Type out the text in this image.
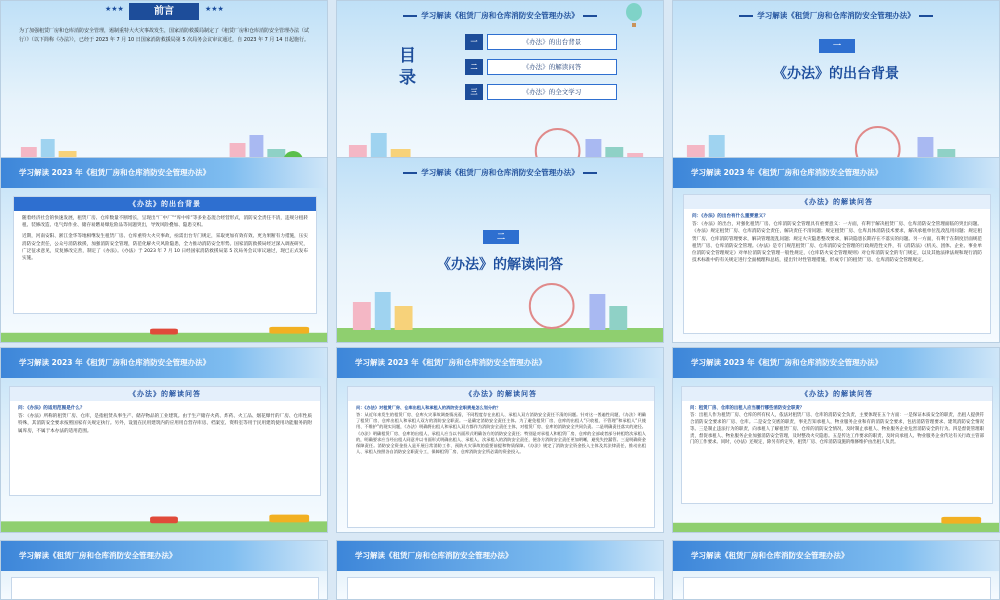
★★★	前言	★★★
为了加强租赁厂房和仓库消防安全管理，遏制重特大火灾事故发生，国家消防救援局制定了《租赁厂房和仓库消防安全管理办法（试行）》（以下简称《办法》），已经于 2023 年 7 月 10 日国家消防救援局第 5 次局务会议审议通过，自 2023 年 7 月 14 日起施行。
学习解读《租赁厂房和仓库消防安全管理办法》
目录
一	《办法》的出台背景
二	《办法》的解读问答
三	《办法》的全文学习
学习解读《租赁厂房和仓库消防安全管理办法》
一
《办法》的出台背景
学习解读 2023 年《租赁厂房和仓库消防安全管理办法》
《办法》的出台背景
随着经济社会的快速发展，租赁厂房、仓库数量不断增长，呈现出“厂中厂”“库中库”等多业态混合经营形式，消防安全责任不清，违规分租转租、装修改造、电气焊作业、储存易燃易爆危险品等问题突出，导致风险叠加、隐患交织。
近期，河南安阳、浙江金华等地相继发生租赁厂房、仓库重特大火灾事故，亟需出台专门规定，采取更加有效有效、更为果断有力措施，压实消防安全责任，公众号消防救援，加强消防安全管理，防范化解火灾风险隐患，全力推动消防安全形势。国家消防救援局经过深入调查研究，广泛征求意见，反复修改完善，制定了《办法》。《办法》于 2023 年 7 月 10 日经国家消防救援局第 5 次局务会议审议通过，现已正式发布实施。
学习解读《租赁厂房和仓库消防安全管理办法》
二
《办法》的解读问答
学习解读 2023 年《租赁厂房和仓库消防安全管理办法》
《办法》的解读问答
问：《办法》的出台有什么重要意义？
答：《办法》的出台，对强化租赁厂房、仓库消防安全管理具有重要意义：一方面，有利于解决租赁厂房、仓库消防安全管理面临的突出问题。《办法》规定租赁厂房、仓库消防安全责任，解决责任不清问题；规定租赁厂房、仓库具体消防技术要求，解决承租单位乱改乱用问题；规定租赁厂房、仓库消防管理要求，解决管理混乱问题；规定火灾隐患整改要求，解决隐患长期存在不落实的问题。另一方面，有利于在制度层面规范租赁厂房、仓库消防安全管理。《办法》是专门规范租赁厂房、仓库消防安全管理的行政规范性文件，有《消防法》《机关、团体、企业、事业单位消防安全管理规定》对单位消防安全管理一般性规定，《仓库防火安全管理规则》对仓库消防安全的专门规定，以及其他法律法规和现行消防技术标准中的有关规定进行全面梳理和总结，提出针对性管理措施，形成专门的租赁厂房、仓库消防安全管理规定。
学习解读 2023 年《租赁厂房和仓库消防安全管理办法》
《办法》的解读问答
问：《办法》的适用范围是什么？
答：《办法》所称的租赁厂房、仓库，是指租赁从事生产、储存物品的工业建筑。由于生产储存火药、炸药、火工品、烟花爆竹的厂房、仓库性质特殊，其消防安全要求按照国家有关规定执行。另外，设置在民用建筑内的应用用自营存库房、档案室、资料室等用于民用建筑使用功能服务的附属库房，不属于本办法的适用范围。
学习解读 2023 年《租赁厂房和仓库消防安全管理办法》
《办法》的解读问答
问：《办法》对租赁厂房、仓库出租人和承租人的消防安全职责是怎么划分的？
答：从近年来发生的租赁厂房、仓库火灾事故调查情况看，不同程度存在出租人、承租人双方消防安全责任不清的问题。针对这一普遍性问题，《办法》明确了租赁厂房、仓库出租人和承租人双方的消防安全职责。一是确定消防安全责任主体。为了避免租赁厂房、仓库的出租人“只收租、不管理”和承租人“只使用、不维护”的现实问题，《办法》明确将出租人和承租人双方都作为消防安全责任主体，对租赁厂房、仓库的消防安全共同负责。二是明确责任落实的途径。《办法》明确租赁厂房、仓库的出租人、承租人应当以书面形式明确各方的消防安全责任；特别是对承租人和租赁厂房、仓库的全部或者部分转租给次承租人的，明确要求应当经出租人同意并以书面形式明确出租人、承租人、次承租人的消防安全责任，便各方消防安全责任更加明晰，避免失控漏管。三是明确资金保障责任。消防安全资金投入是开展日常消防工作、预防火灾事故的重要前提和物质保障。《办法》规定了消防安全资金投入主体及其法律责任，推动出租人、承租人按照各自消防安全职责分工，保障租赁厂房、仓库消防安全所必需的资金投入。
学习解读 2023 年《租赁厂房和仓库消防安全管理办法》
《办法》的解读问答
问：租赁厂房、仓库的出租人应当履行哪些消防安全职责？
答：出租人作为租赁厂房、仓库的所有权人，依法对租赁厂房、仓库的消防安全负责，主要体现在五个方面：一是保证本质安全的职责，出租人提供符合消防安全要求的厂房、仓库。二是安全交底的职责，事先告知承租人，物业服务企业和有的消防安全要求，包括消防管理要求、建筑消防安全情况等。三是制止违法行为的职责，向承租人了解租赁厂房、仓库的消防安全情况，及时制止承租人、物业服务企业危害消防安全的行为。四是督促管理职责，督促承租人、物业服务企业加强消防安全管理，及时整改火灾隐患。五是传达工作要求的职责，及时向承租人、物业服务企业传达有关行政主管部门的工作要求。同时，《办法》还规定，除另有约定外，租赁厂房、仓库消防设施的维修维护由出租人负责。
学习解读《租赁厂房和仓库消防安全管理办法》	学习解读《租赁厂房和仓库消防安全管理办法》	学习解读《租赁厂房和仓库消防安全管理办法》
